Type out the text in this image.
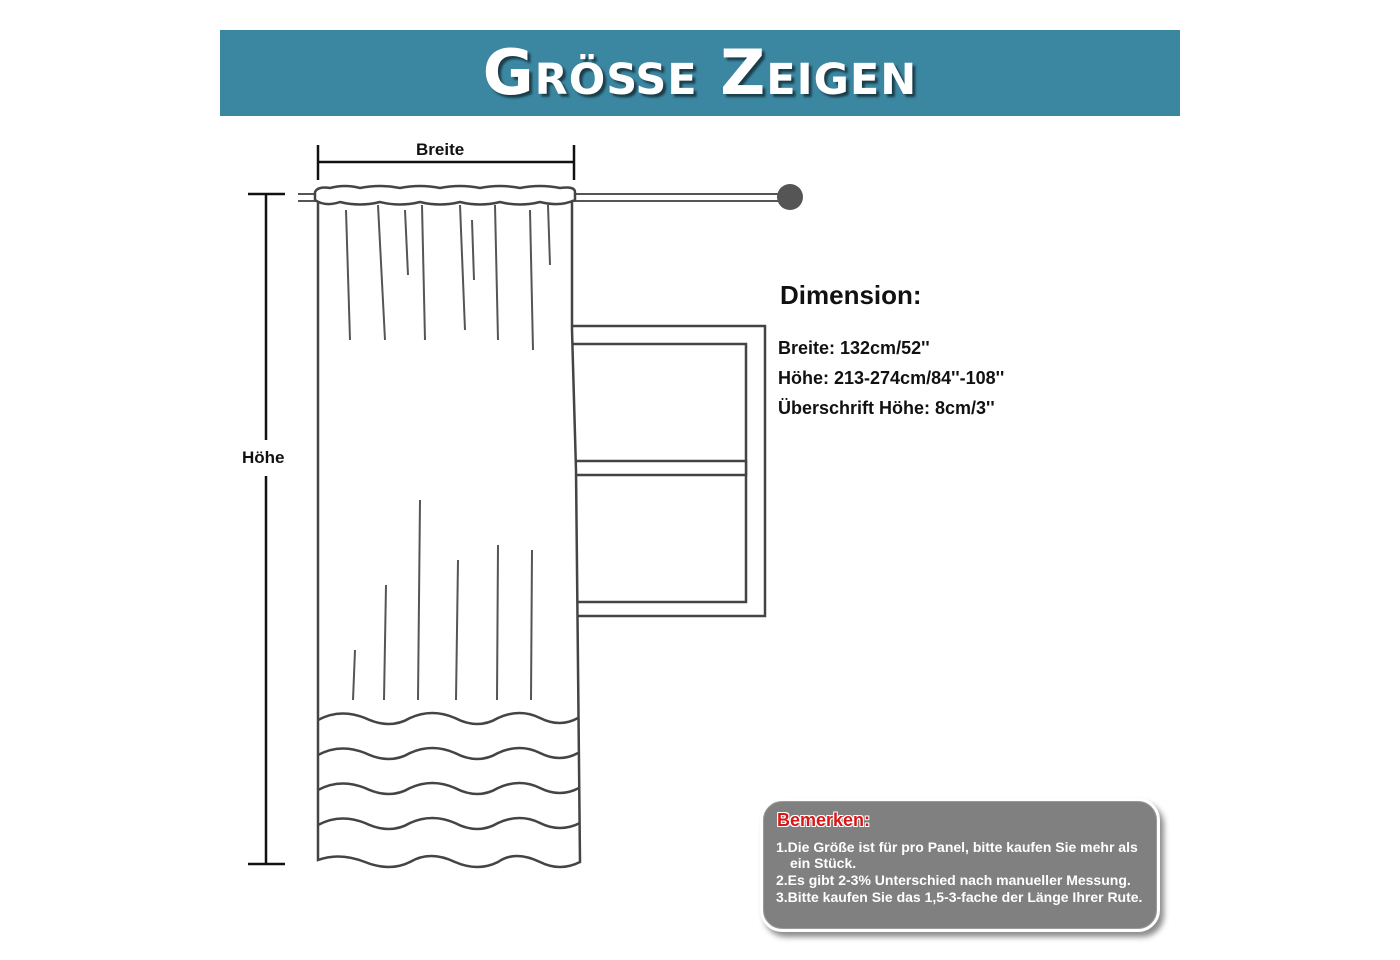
Größe Zeigen
Breite
Höhe
Dimension:
Breite: 132cm/52''
Höhe: 213-274cm/84''-108''
Überschrift Höhe: 8cm/3''
Bemerken:
1.Die Größe ist für pro Panel, bitte kaufen Sie mehr als ein Stück.
2.Es gibt 2-3% Unterschied nach manueller Messung.
3.Bitte kaufen Sie das 1,5-3-fache der Länge Ihrer Rute.
